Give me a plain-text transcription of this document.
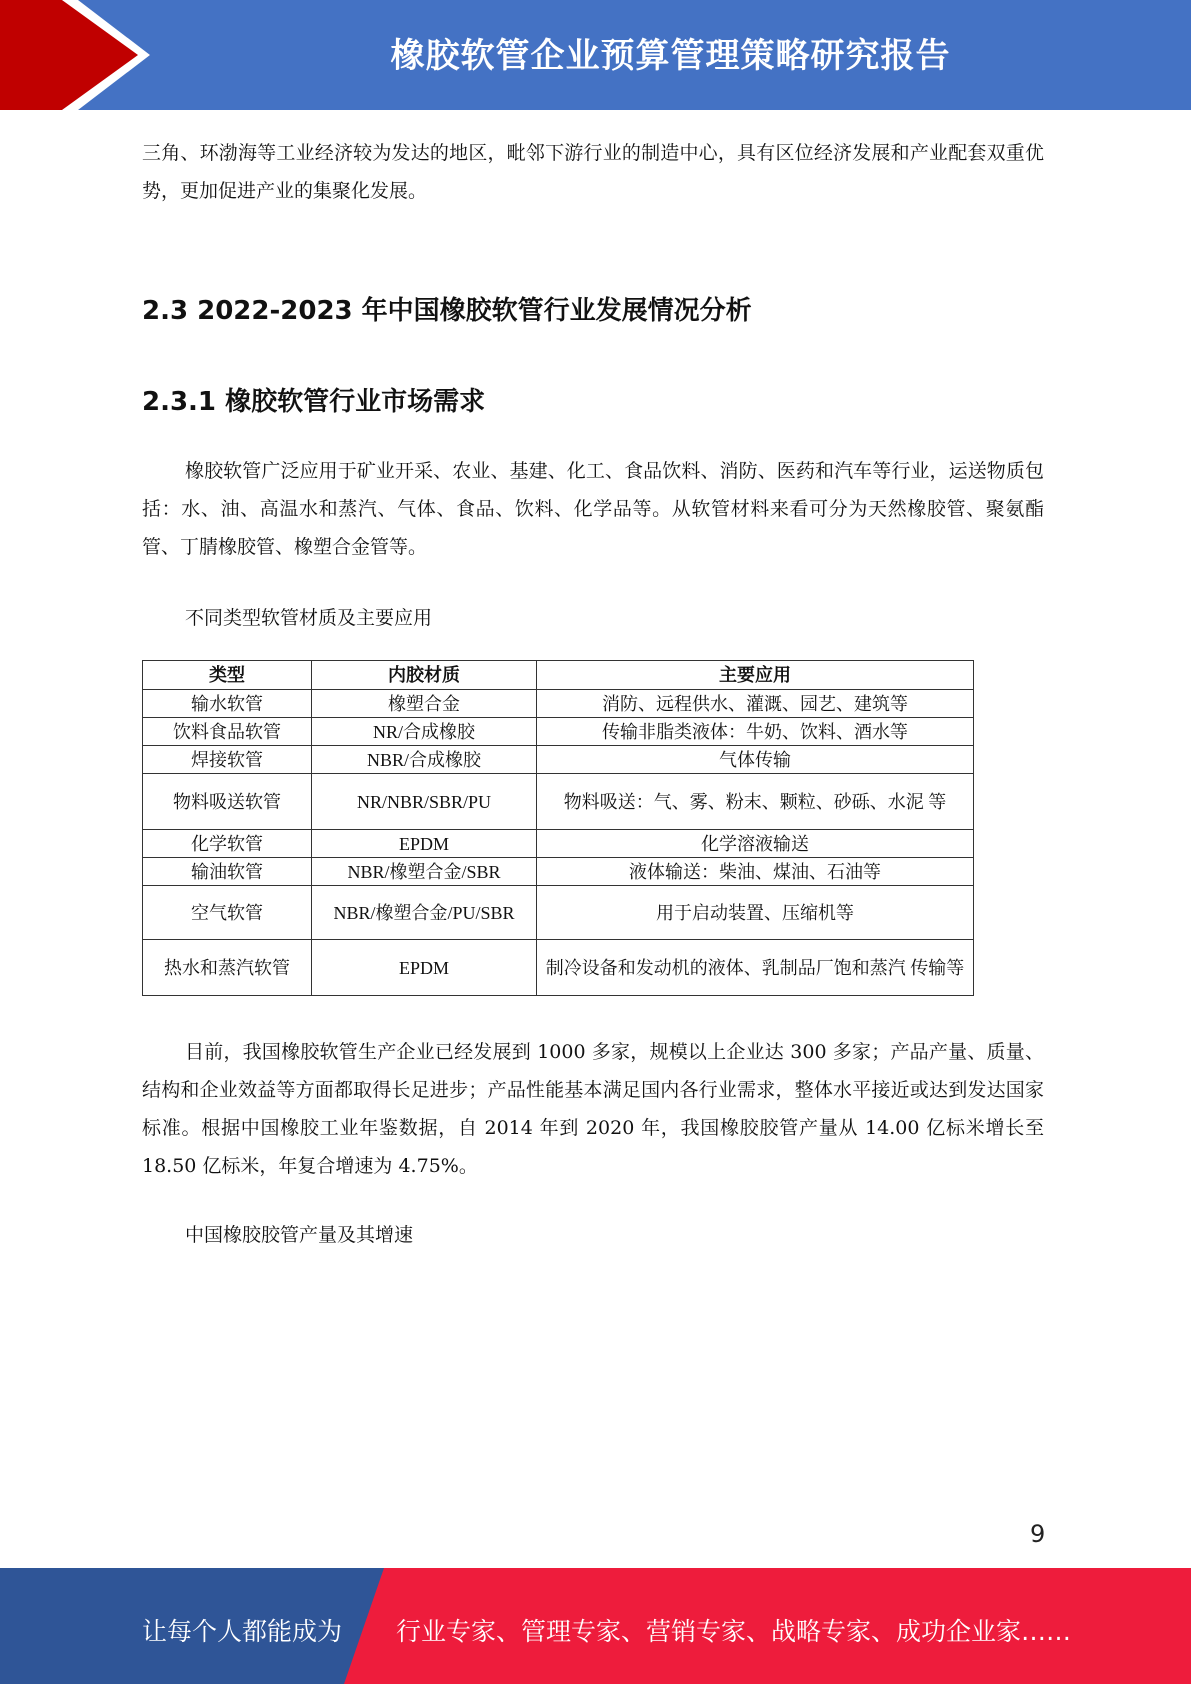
橡胶软管企业预算管理策略研究报告

三角、环渤海等工业经济较为发达的地区，毗邻下游行业的制造中心，具有区位经济发展和产业配套双重优势，更加促进产业的集聚化发展。

2.3 2022-2023 年中国橡胶软管行业发展情况分析
2.3.1 橡胶软管行业市场需求

橡胶软管广泛应用于矿业开采、农业、基建、化工、食品饮料、消防、医药和汽车等行业，运送物质包括：水、油、高温水和蒸汽、气体、食品、饮料、化学品等。从软管材料来看可分为天然橡胶管、聚氨酯管、丁腈橡胶管、橡塑合金管等。

不同类型软管材质及主要应用
类型	内胶材质	主要应用
输水软管	橡塑合金	消防、远程供水、灌溉、园艺、建筑等
饮料食品软管	NR/合成橡胶	传输非脂类液体：牛奶、饮料、酒水等
焊接软管	NBR/合成橡胶	气体传输
物料吸送软管	NR/NBR/SBR/PU	物料吸送：气、雾、粉末、颗粒、砂砾、水泥 等
化学软管	EPDM	化学溶液输送
输油软管	NBR/橡塑合金/SBR	液体输送：柴油、煤油、石油等
空气软管	NBR/橡塑合金/PU/SBR	用于启动装置、压缩机等
热水和蒸汽软管	EPDM	制冷设备和发动机的液体、乳制品厂饱和蒸汽 传输等

目前，我国橡胶软管生产企业已经发展到 1000 多家，规模以上企业达 300 多家；产品产量、质量、结构和企业效益等方面都取得长足进步；产品性能基本满足国内各行业需求，整体水平接近或达到发达国家标准。根据中国橡胶工业年鉴数据，自 2014 年到 2020 年，我国橡胶胶管产量从 14.00 亿标米增长至 18.50 亿标米，年复合增速为 4.75%。

中国橡胶胶管产量及其增速
9
让每个人都能成为 行业专家、管理专家、营销专家、战略专家、成功企业家……
